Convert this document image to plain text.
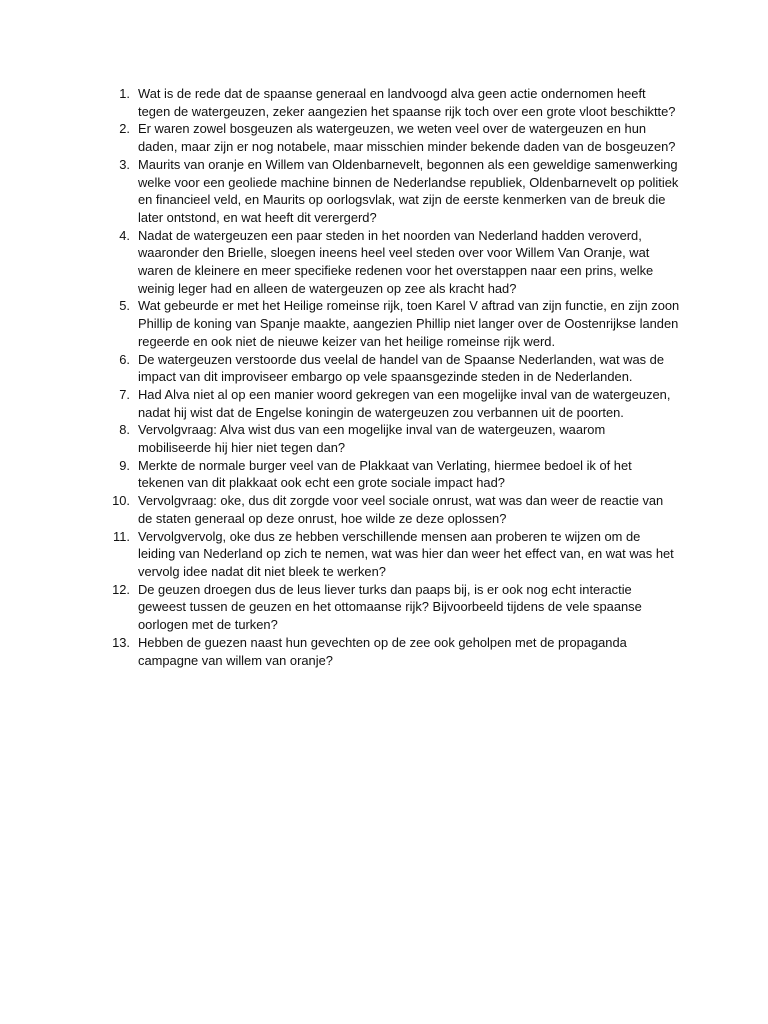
1. Wat is de rede dat de spaanse generaal en landvoogd alva geen actie ondernomen heeft tegen de watergeuzen, zeker aangezien het spaanse rijk toch over een grote vloot beschiktte?
2. Er waren zowel bosgeuzen als watergeuzen, we weten veel over de watergeuzen en hun daden, maar zijn er nog notabele, maar misschien minder bekende daden van de bosgeuzen?
3. Maurits van oranje en Willem van Oldenbarnevelt, begonnen als een geweldige samenwerking welke voor een geoliede machine binnen de Nederlandse republiek, Oldenbarnevelt op politiek en financieel veld, en Maurits op oorlogsvlak, wat zijn de eerste kenmerken van de breuk die later ontstond, en wat heeft dit verergerd?
4. Nadat de watergeuzen een paar steden in het noorden van Nederland hadden veroverd, waaronder den Brielle, sloegen ineens heel veel steden over voor Willem Van Oranje, wat waren de kleinere en meer specifieke redenen voor het overstappen naar een prins, welke weinig leger had en alleen de watergeuzen op zee als kracht had?
5. Wat gebeurde er met het Heilige romeinse rijk, toen Karel V aftrad van zijn functie, en zijn zoon Phillip de koning van Spanje maakte, aangezien Phillip niet langer over de Oostenrijkse landen regeerde en ook niet de nieuwe keizer van het heilige romeinse rijk werd.
6. De watergeuzen verstoorde dus veelal de handel van de Spaanse Nederlanden, wat was de impact van dit improviseer embargo op vele spaansgezinde steden in de Nederlanden.
7. Had Alva niet al op een manier woord gekregen van een mogelijke inval van de watergeuzen, nadat hij wist dat de Engelse koningin de watergeuzen zou verbannen uit de poorten.
8. Vervolgvraag: Alva wist dus van een mogelijke inval van de watergeuzen, waarom mobiliseerde hij hier niet tegen dan?
9. Merkte de normale burger veel van de Plakkaat van Verlating, hiermee bedoel ik of het tekenen van dit plakkaat ook echt een grote sociale impact had?
10. Vervolgvraag: oke, dus dit zorgde voor veel sociale onrust, wat was dan weer de reactie van de staten generaal op deze onrust, hoe wilde ze deze oplossen?
11. Vervolgvervolg, oke dus ze hebben verschillende mensen aan proberen te wijzen om de leiding van Nederland op zich te nemen, wat was hier dan weer het effect van, en wat was het vervolg idee nadat dit niet bleek te werken?
12. De geuzen droegen dus de leus liever turks dan paaps bij, is er ook nog echt interactie geweest tussen de geuzen en het ottomaanse rijk? Bijvoorbeeld tijdens de vele spaanse oorlogen met de turken?
13. Hebben de guezen naast hun gevechten op de zee ook geholpen met de propaganda campagne van willem van oranje?
